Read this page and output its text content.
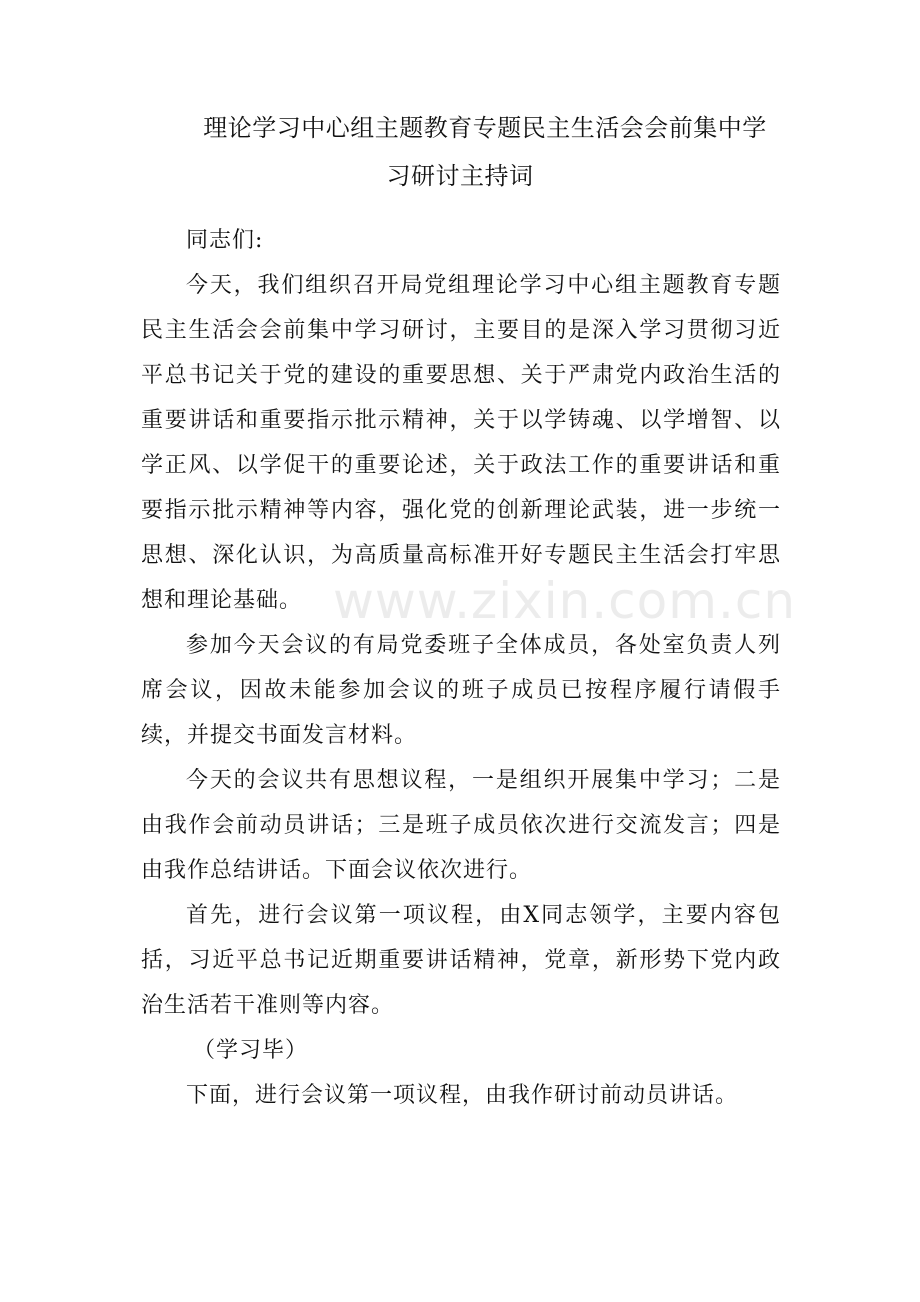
www.zixin.com.cn
理论学习中心组主题教育专题民主生活会会前集中学
习研讨主持词

同志们:

今天，我们组织召开局党组理论学习中心组主题教育专题民主生活会会前集中学习研讨，主要目的是深入学习贯彻习近平总书记关于党的建设的重要思想、关于严肃党内政治生活的重要讲话和重要指示批示精神，关于以学铸魂、以学增智、以学正风、以学促干的重要论述，关于政法工作的重要讲话和重要指示批示精神等内容，强化党的创新理论武装，进一步统一思想、深化认识，为高质量高标准开好专题民主生活会打牢思想和理论基础。

参加今天会议的有局党委班子全体成员，各处室负责人列席会议，因故未能参加会议的班子成员已按程序履行请假手续，并提交书面发言材料。

今天的会议共有思想议程，一是组织开展集中学习；二是由我作会前动员讲话；三是班子成员依次进行交流发言；四是由我作总结讲话。下面会议依次进行。

首先，进行会议第一项议程，由X同志领学，主要内容包括，习近平总书记近期重要讲话精神，党章，新形势下党内政治生活若干准则等内容。

（学习毕）

下面，进行会议第一项议程，由我作研讨前动员讲话。
